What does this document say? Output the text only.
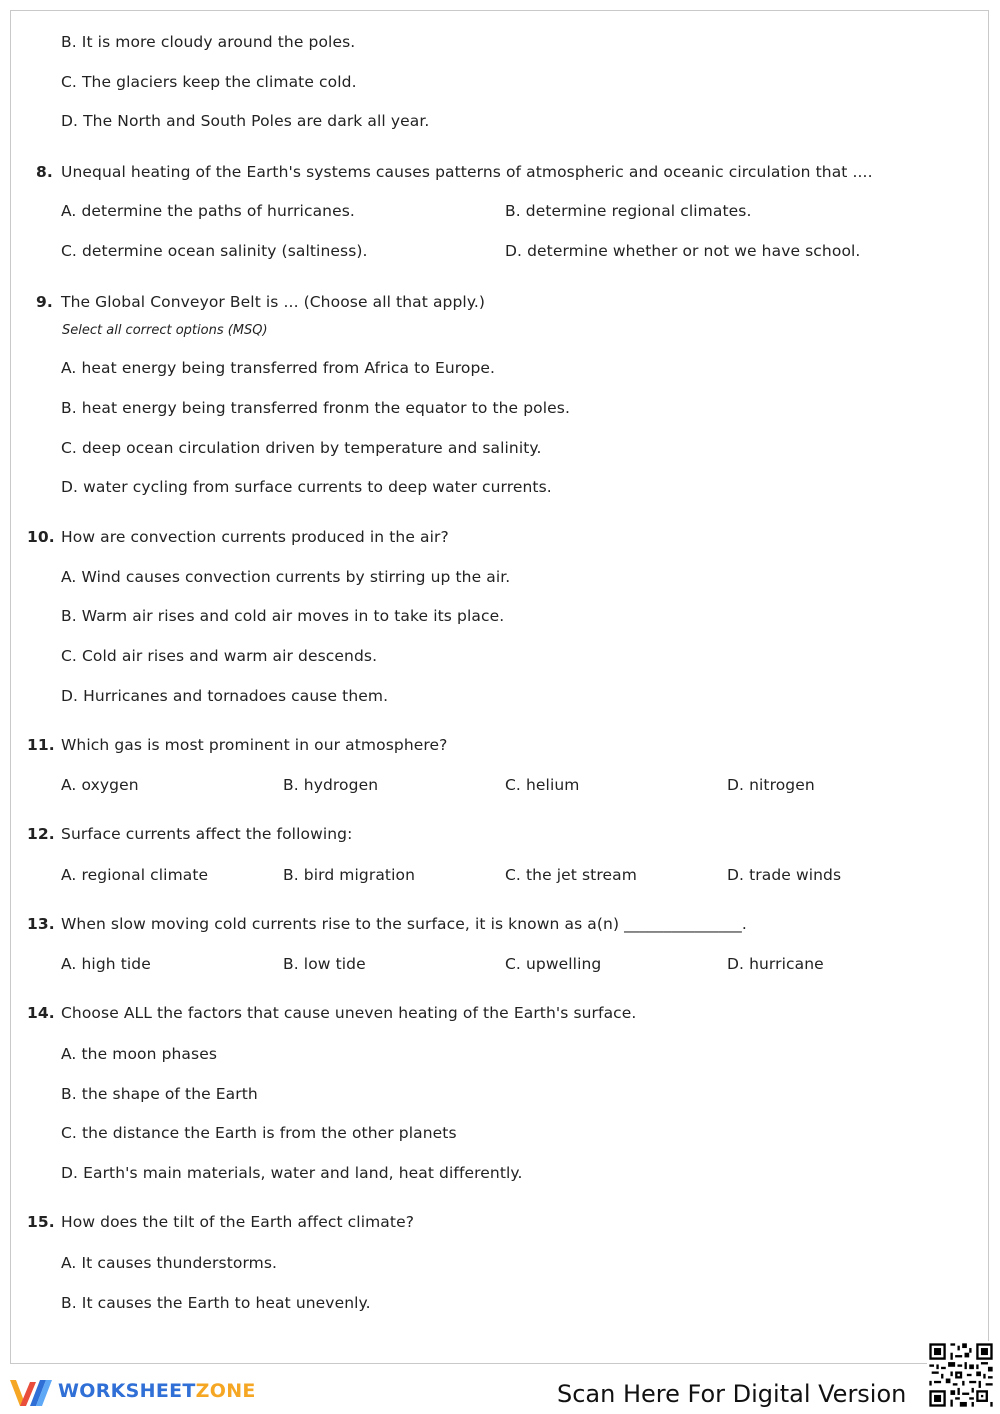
B. It is more cloudy around the poles.
C. The glaciers keep the climate cold.
D. The North and South Poles are dark all year.
8. Unequal heating of the Earth's systems causes patterns of atmospheric and oceanic circulation that ....
A. determine the paths of hurricanes.	B. determine regional climates.
C. determine ocean salinity (saltiness).	D. determine whether or not we have school.
9. The Global Conveyor Belt is ... (Choose all that apply.)
Select all correct options (MSQ)
A. heat energy being transferred from Africa to Europe.
B. heat energy being transferred fronm the equator to the poles.
C. deep ocean circulation driven by temperature and salinity.
D. water cycling from surface currents to deep water currents.
10. How are convection currents produced in the air?
A. Wind causes convection currents by stirring up the air.
B. Warm air rises and cold air moves in to take its place.
C. Cold air rises and warm air descends.
D. Hurricanes and tornadoes cause them.
11. Which gas is most prominent in our atmosphere?
A. oxygen	B. hydrogen	C. helium	D. nitrogen
12. Surface currents affect the following:
A. regional climate	B. bird migration	C. the jet stream	D. trade winds
13. When slow moving cold currents rise to the surface, it is known as a(n) _______________.
A. high tide	B. low tide	C. upwelling	D. hurricane
14. Choose ALL the factors that cause uneven heating of the Earth's surface.
A. the moon phases
B. the shape of the Earth
C. the distance the Earth is from the other planets
D. Earth's main materials, water and land, heat differently.
15. How does the tilt of the Earth affect climate?
A. It causes thunderstorms.
B. It causes the Earth to heat unevenly.
WORKSHEETZONE	Scan Here For Digital Version
